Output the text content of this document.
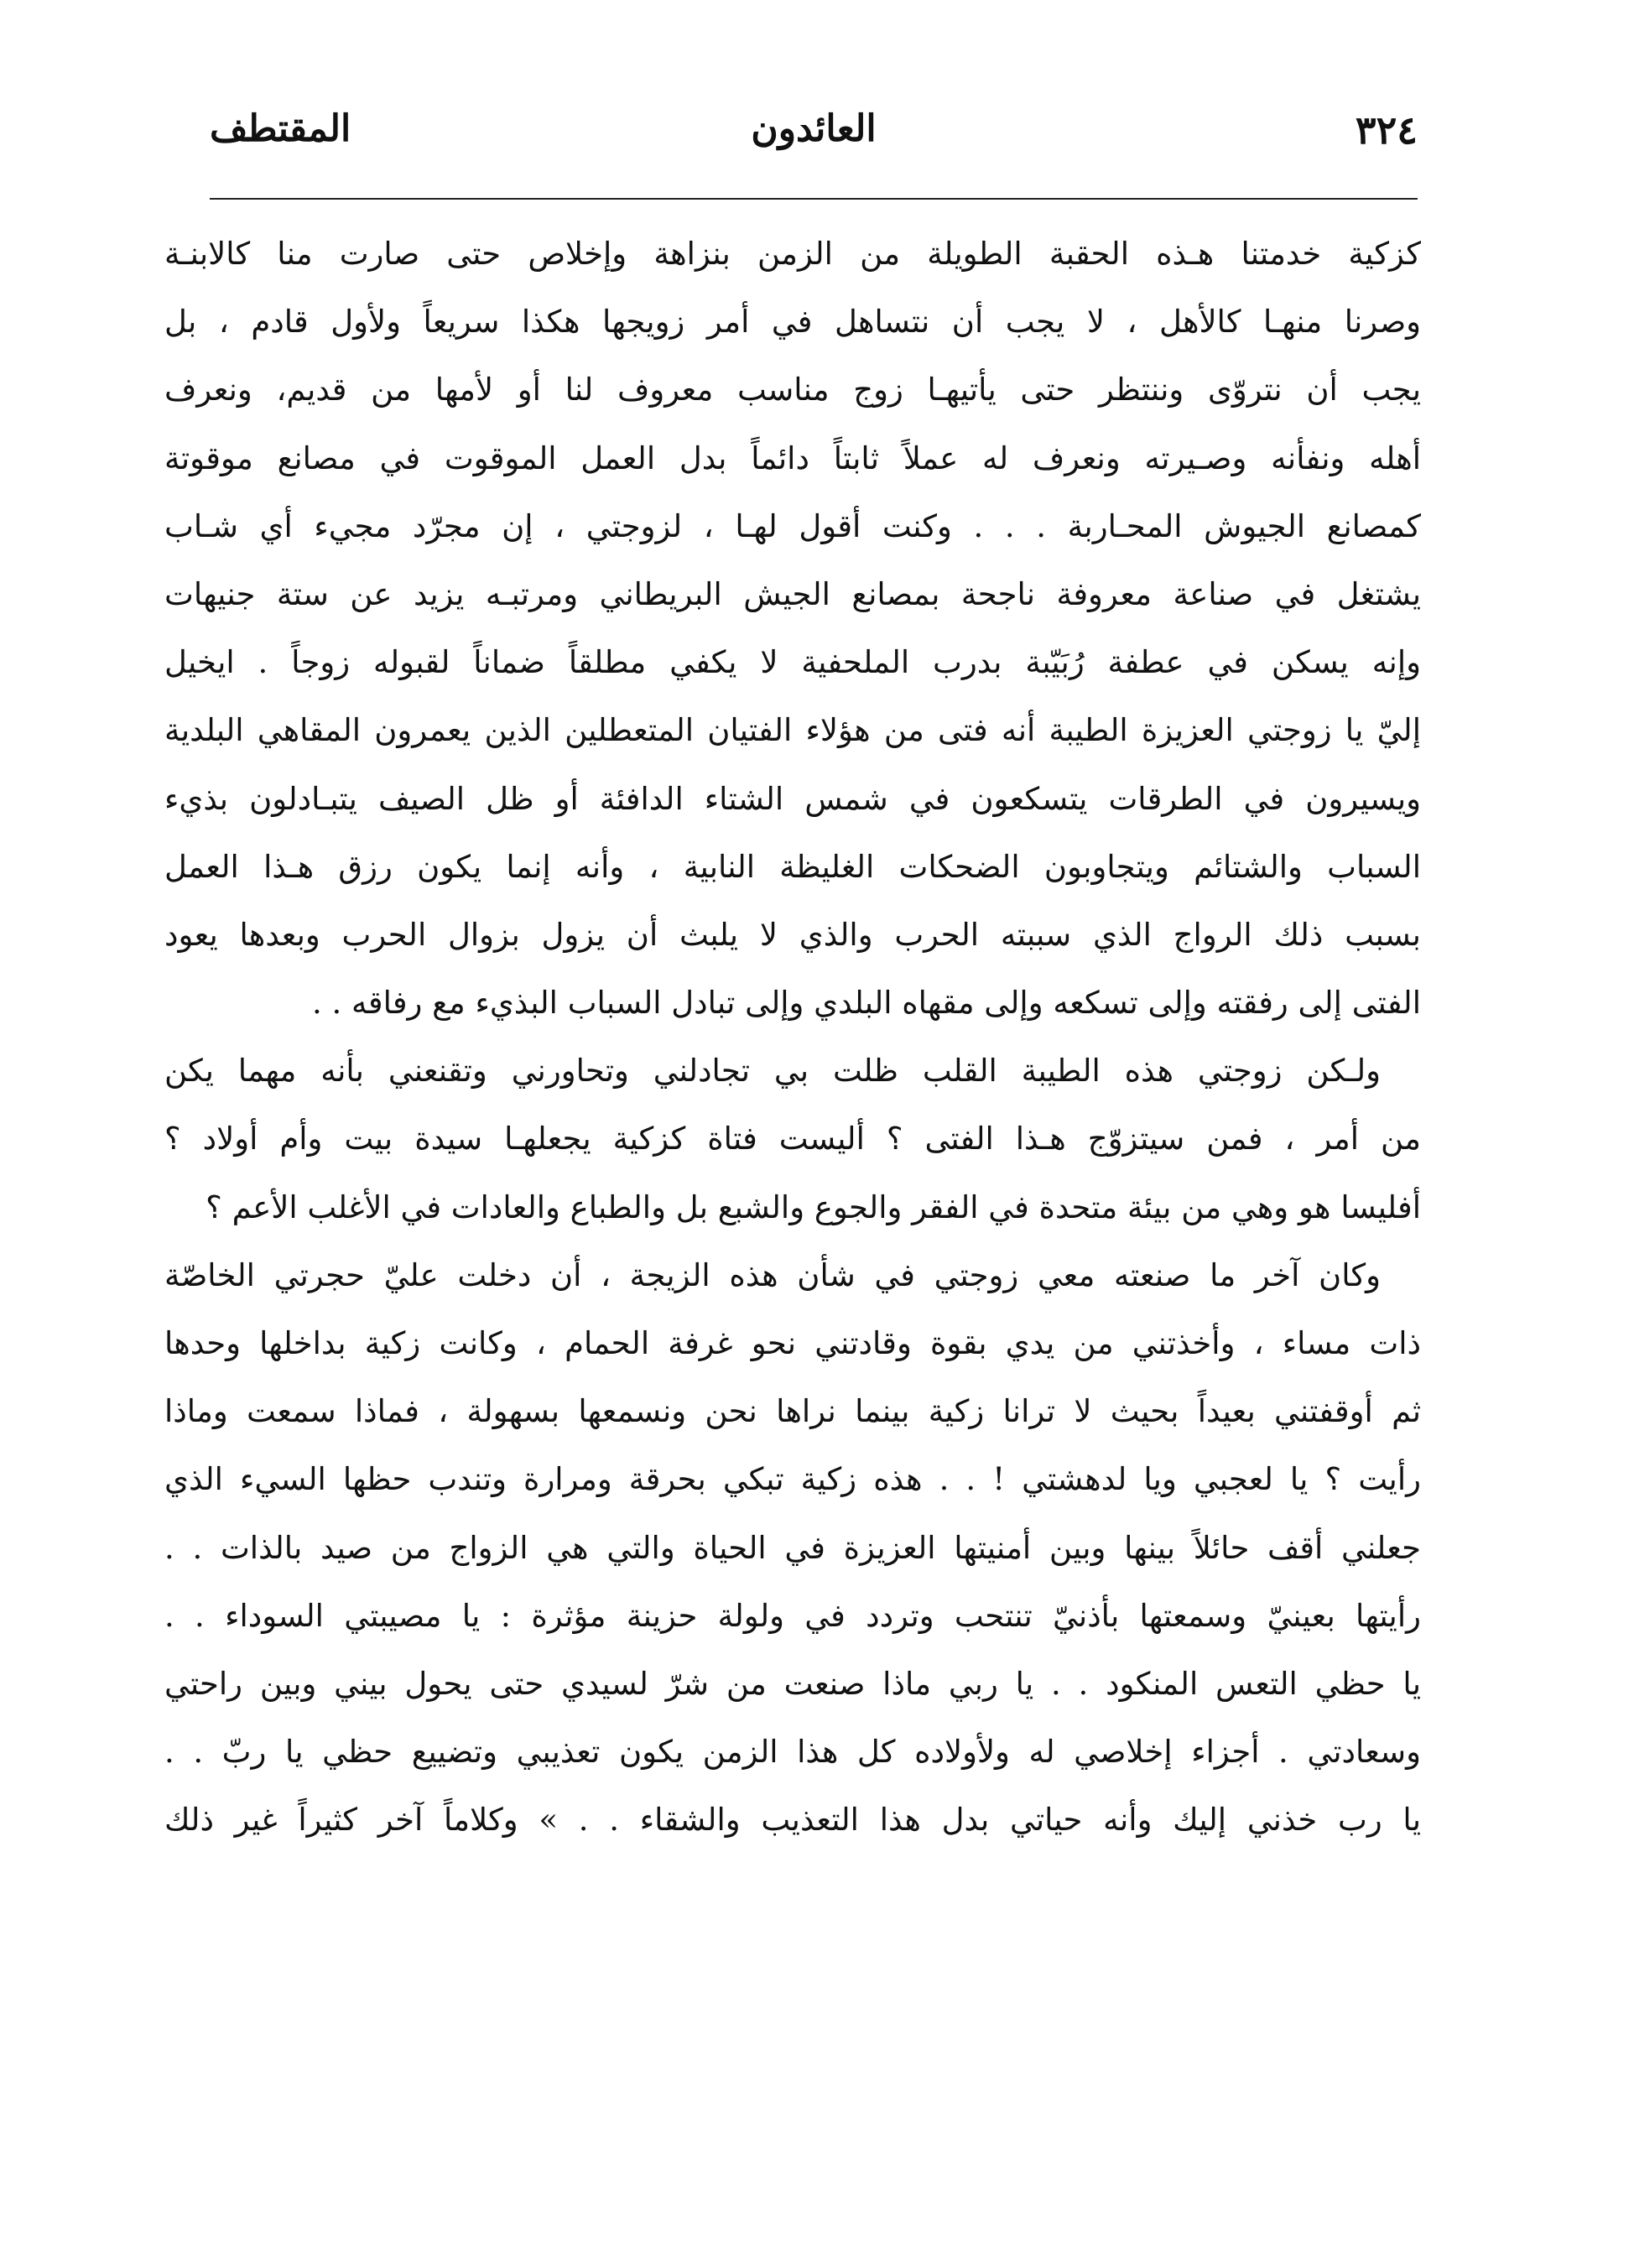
٣٢٤
العائدون
المقتطف
كزكية خدمتنا هـذه الحقبة الطويلة من الزمن بنزاهة وإخلاص حتى صارت منا كالابنـة
وصرنا منهـا كالأهل ، لا يجب أن نتساهل في أمر زويجها هكذا سريعاً ولأول قادم ، بل
يجب أن نتروّى وننتظر حتى يأتيهـا زوج مناسب معروف لنا أو لأمها من قديم، ونعرف
أهله ونفأنه وصـيرته ونعرف له عملاً ثابتاً دائماً بدل العمل الموقوت في مصانع موقوتة
كمصانع الجيوش المحـاربة . . . وكنت أقول لهـا ، لزوجتي ، إن مجرّد مجيء أي شـاب
يشتغل في صناعة معروفة ناجحة بمصانع الجيش البريطاني ومرتبـه يزيد عن ستة جنيهات
وإنه يسكن في عطفة رُبَيّبة بدرب الملحفية لا يكفي مطلقاً ضماناً لقبوله زوجاً . ايخيل
إليّ يا زوجتي العزيزة الطيبة أنه فتى من هؤلاء الفتيان المتعطلين الذين يعمرون المقاهي البلدية
ويسيرون في الطرقات يتسكعون في شمس الشتاء الدافئة أو ظل الصيف يتبـادلون بذيء
السباب والشتائم ويتجاوبون الضحكات الغليظة النابية ، وأنه إنما يكون رزق هـذا العمل
بسبب ذلك الرواج الذي سببته الحرب والذي لا يلبث أن يزول بزوال الحرب وبعدها يعود
الفتى إلى رفقته وإلى تسكعه وإلى مقهاه البلدي وإلى تبادل السباب البذيء مع رفاقه . .
ولـكن زوجتي هذه الطيبة القلب ظلت بي تجادلني وتحاورني وتقنعني بأنه مهما يكن
من أمر ، فمن سيتزوّج هـذا الفتى ؟ أليست فتاة كزكية يجعلهـا سيدة بيت وأم أولاد ؟
أفليسا هو وهي من بيئة متحدة في الفقر والجوع والشبع بل والطباع والعادات في الأغلب الأعم ؟
وكان آخر ما صنعته معي زوجتي في شأن هذه الزيجة ، أن دخلت عليّ حجرتي الخاصّة
ذات مساء ، وأخذتني من يدي بقوة وقادتني نحو غرفة الحمام ، وكانت زكية بداخلها وحدها
ثم أوقفتني بعيداً بحيث لا ترانا زكية بينما نراها نحن ونسمعها بسهولة ، فماذا سمعت وماذا
رأيت ؟ يا لعجبي ويا لدهشتي ! . . هذه زكية تبكي بحرقة ومرارة وتندب حظها السيء الذي
جعلني أقف حائلاً بينها وبين أمنيتها العزيزة في الحياة والتي هي الزواج من صيد بالذات . .
رأيتها بعينيّ وسمعتها بأذنيّ تنتحب وتردد في ولولة حزينة مؤثرة : يا مصيبتي السوداء . .
يا حظي التعس المنكود . . يا ربي ماذا صنعت من شرّ لسيدي حتى يحول بيني وبين راحتي
وسعادتي . أجزاء إخلاصي له ولأولاده كل هذا الزمن يكون تعذيبي وتضييع حظي يا ربّ . .
يا رب خذني إليك وأنه حياتي بدل هذا التعذيب والشقاء . . » وكلاماً آخر كثيراً غير ذلك
